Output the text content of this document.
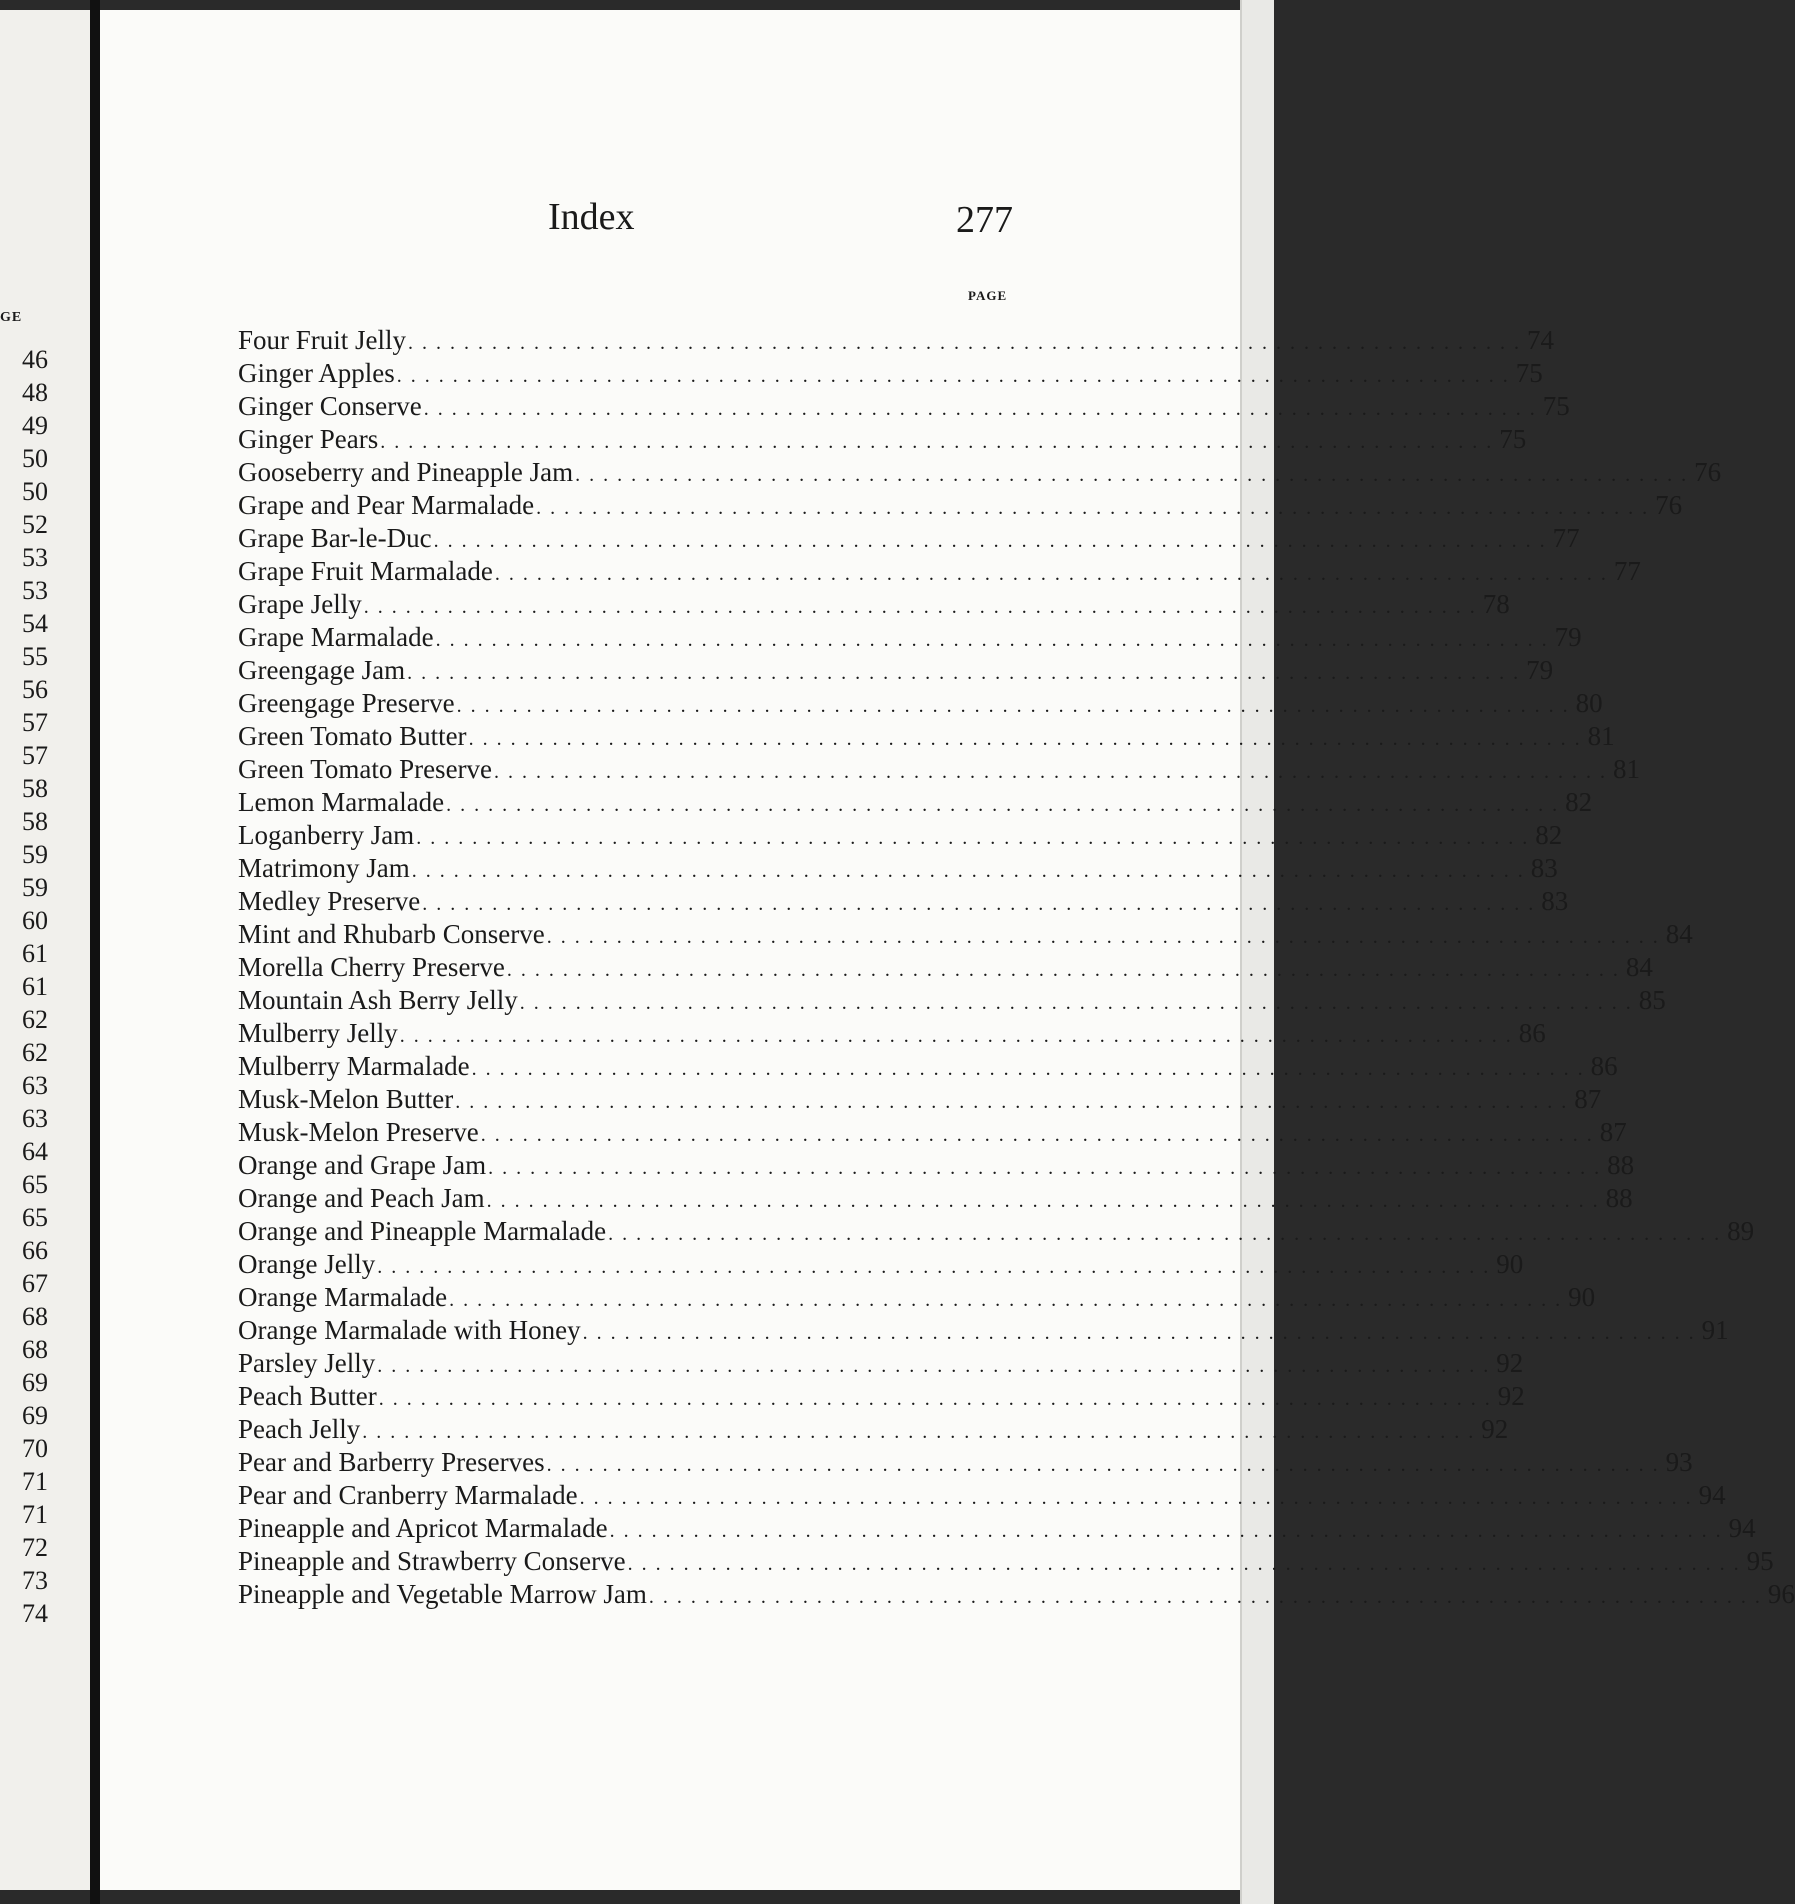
GE
46
48
49
50
50
52
53
53
54
55
56
57
57
58
58
59
59
60
61
61
62
62
63
63
64
65
65
66
67
68
68
69
69
70
71
71
72
73
74
Index	277
PAGE
Four Fruit Jelly . . . . . . . . . . . . . . . . . . . . . . . . . . . . . . . . . . . . . . . . . . . . . . . . . . . . . . . . . . . . . . . . . . . . . . . . . . . . . . . . 74
Ginger Apples . . . . . . . . . . . . . . . . . . . . . . . . . . . . . . . . . . . . . . . . . . . . . . . . . . . . . . . . . . . . . . . . . . . . . . . . . . . . . . . . 75
Ginger Conserve . . . . . . . . . . . . . . . . . . . . . . . . . . . . . . . . . . . . . . . . . . . . . . . . . . . . . . . . . . . . . . . . . . . . . . . . . . . . . . . . 75
Ginger Pears . . . . . . . . . . . . . . . . . . . . . . . . . . . . . . . . . . . . . . . . . . . . . . . . . . . . . . . . . . . . . . . . . . . . . . . . . . . . . . . . 75
Gooseberry and Pineapple Jam . . . . . . . . . . . . . . . . . . . . . . . . . . . . . . . . . . . . . . . . . . . . . . . . . . . . . . . . . . . . . . . . . . . . . . . . . . . . . . . . 76
Grape and Pear Marmalade . . . . . . . . . . . . . . . . . . . . . . . . . . . . . . . . . . . . . . . . . . . . . . . . . . . . . . . . . . . . . . . . . . . . . . . . . . . . . . . . 76
Grape Bar-le-Duc . . . . . . . . . . . . . . . . . . . . . . . . . . . . . . . . . . . . . . . . . . . . . . . . . . . . . . . . . . . . . . . . . . . . . . . . . . . . . . . . 77
Grape Fruit Marmalade . . . . . . . . . . . . . . . . . . . . . . . . . . . . . . . . . . . . . . . . . . . . . . . . . . . . . . . . . . . . . . . . . . . . . . . . . . . . . . . . 77
Grape Jelly . . . . . . . . . . . . . . . . . . . . . . . . . . . . . . . . . . . . . . . . . . . . . . . . . . . . . . . . . . . . . . . . . . . . . . . . . . . . . . . . 78
Grape Marmalade . . . . . . . . . . . . . . . . . . . . . . . . . . . . . . . . . . . . . . . . . . . . . . . . . . . . . . . . . . . . . . . . . . . . . . . . . . . . . . . . 79
Greengage Jam . . . . . . . . . . . . . . . . . . . . . . . . . . . . . . . . . . . . . . . . . . . . . . . . . . . . . . . . . . . . . . . . . . . . . . . . . . . . . . . . 79
Greengage Preserve . . . . . . . . . . . . . . . . . . . . . . . . . . . . . . . . . . . . . . . . . . . . . . . . . . . . . . . . . . . . . . . . . . . . . . . . . . . . . . . . 80
Green Tomato Butter . . . . . . . . . . . . . . . . . . . . . . . . . . . . . . . . . . . . . . . . . . . . . . . . . . . . . . . . . . . . . . . . . . . . . . . . . . . . . . . . 81
Green Tomato Preserve . . . . . . . . . . . . . . . . . . . . . . . . . . . . . . . . . . . . . . . . . . . . . . . . . . . . . . . . . . . . . . . . . . . . . . . . . . . . . . . . 81
Lemon Marmalade . . . . . . . . . . . . . . . . . . . . . . . . . . . . . . . . . . . . . . . . . . . . . . . . . . . . . . . . . . . . . . . . . . . . . . . . . . . . . . . . 82
Loganberry Jam . . . . . . . . . . . . . . . . . . . . . . . . . . . . . . . . . . . . . . . . . . . . . . . . . . . . . . . . . . . . . . . . . . . . . . . . . . . . . . . . 82
Matrimony Jam . . . . . . . . . . . . . . . . . . . . . . . . . . . . . . . . . . . . . . . . . . . . . . . . . . . . . . . . . . . . . . . . . . . . . . . . . . . . . . . . 83
Medley Preserve . . . . . . . . . . . . . . . . . . . . . . . . . . . . . . . . . . . . . . . . . . . . . . . . . . . . . . . . . . . . . . . . . . . . . . . . . . . . . . . . 83
Mint and Rhubarb Conserve . . . . . . . . . . . . . . . . . . . . . . . . . . . . . . . . . . . . . . . . . . . . . . . . . . . . . . . . . . . . . . . . . . . . . . . . . . . . . . . . 84
Morella Cherry Preserve . . . . . . . . . . . . . . . . . . . . . . . . . . . . . . . . . . . . . . . . . . . . . . . . . . . . . . . . . . . . . . . . . . . . . . . . . . . . . . . . 84
Mountain Ash Berry Jelly . . . . . . . . . . . . . . . . . . . . . . . . . . . . . . . . . . . . . . . . . . . . . . . . . . . . . . . . . . . . . . . . . . . . . . . . . . . . . . . . 85
Mulberry Jelly . . . . . . . . . . . . . . . . . . . . . . . . . . . . . . . . . . . . . . . . . . . . . . . . . . . . . . . . . . . . . . . . . . . . . . . . . . . . . . . . 86
Mulberry Marmalade . . . . . . . . . . . . . . . . . . . . . . . . . . . . . . . . . . . . . . . . . . . . . . . . . . . . . . . . . . . . . . . . . . . . . . . . . . . . . . . . 86
Musk-Melon Butter . . . . . . . . . . . . . . . . . . . . . . . . . . . . . . . . . . . . . . . . . . . . . . . . . . . . . . . . . . . . . . . . . . . . . . . . . . . . . . . . 87
Musk-Melon Preserve . . . . . . . . . . . . . . . . . . . . . . . . . . . . . . . . . . . . . . . . . . . . . . . . . . . . . . . . . . . . . . . . . . . . . . . . . . . . . . . . 87
Orange and Grape Jam . . . . . . . . . . . . . . . . . . . . . . . . . . . . . . . . . . . . . . . . . . . . . . . . . . . . . . . . . . . . . . . . . . . . . . . . . . . . . . . . 88
Orange and Peach Jam . . . . . . . . . . . . . . . . . . . . . . . . . . . . . . . . . . . . . . . . . . . . . . . . . . . . . . . . . . . . . . . . . . . . . . . . . . . . . . . . 88
Orange and Pineapple Marmalade . . . . . . . . . . . . . . . . . . . . . . . . . . . . . . . . . . . . . . . . . . . . . . . . . . . . . . . . . . . . . . . . . . . . . . . . . . . . . . . . 89
Orange Jelly . . . . . . . . . . . . . . . . . . . . . . . . . . . . . . . . . . . . . . . . . . . . . . . . . . . . . . . . . . . . . . . . . . . . . . . . . . . . . . . . 90
Orange Marmalade . . . . . . . . . . . . . . . . . . . . . . . . . . . . . . . . . . . . . . . . . . . . . . . . . . . . . . . . . . . . . . . . . . . . . . . . . . . . . . . . 90
Orange Marmalade with Honey . . . . . . . . . . . . . . . . . . . . . . . . . . . . . . . . . . . . . . . . . . . . . . . . . . . . . . . . . . . . . . . . . . . . . . . . . . . . . . . . 91
Parsley Jelly . . . . . . . . . . . . . . . . . . . . . . . . . . . . . . . . . . . . . . . . . . . . . . . . . . . . . . . . . . . . . . . . . . . . . . . . . . . . . . . . 92
Peach Butter . . . . . . . . . . . . . . . . . . . . . . . . . . . . . . . . . . . . . . . . . . . . . . . . . . . . . . . . . . . . . . . . . . . . . . . . . . . . . . . . 92
Peach Jelly . . . . . . . . . . . . . . . . . . . . . . . . . . . . . . . . . . . . . . . . . . . . . . . . . . . . . . . . . . . . . . . . . . . . . . . . . . . . . . . . 92
Pear and Barberry Preserves . . . . . . . . . . . . . . . . . . . . . . . . . . . . . . . . . . . . . . . . . . . . . . . . . . . . . . . . . . . . . . . . . . . . . . . . . . . . . . . . 93
Pear and Cranberry Marmalade . . . . . . . . . . . . . . . . . . . . . . . . . . . . . . . . . . . . . . . . . . . . . . . . . . . . . . . . . . . . . . . . . . . . . . . . . . . . . . . . 94
Pineapple and Apricot Marmalade . . . . . . . . . . . . . . . . . . . . . . . . . . . . . . . . . . . . . . . . . . . . . . . . . . . . . . . . . . . . . . . . . . . . . . . . . . . . . . . . 94
Pineapple and Strawberry Conserve . . . . . . . . . . . . . . . . . . . . . . . . . . . . . . . . . . . . . . . . . . . . . . . . . . . . . . . . . . . . . . . . . . . . . . . . . . . . . . . . 95
Pineapple and Vegetable Marrow Jam . . . . . . . . . . . . . . . . . . . . . . . . . . . . . . . . . . . . . . . . . . . . . . . . . . . . . . . . . . . . . . . . . . . . . . . . . . . . . . . . 96
